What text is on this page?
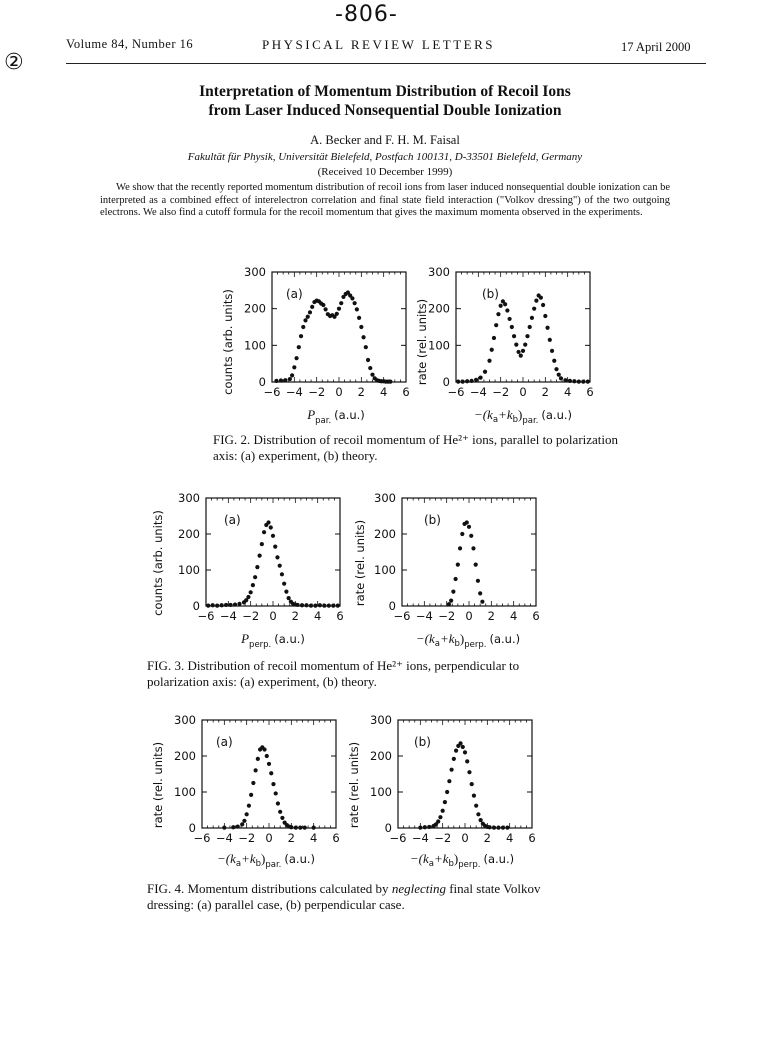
-806-
②
Volume 84, Number 16	PHYSICAL REVIEW LETTERS	17 April 2000
Interpretation of Momentum Distribution of Recoil Ions
from Laser Induced Nonsequential Double Ionization
A. Becker and F. H. M. Faisal
Fakultät für Physik, Universität Bielefeld, Postfach 100131, D-33501 Bielefeld, Germany
(Received 10 December 1999)
We show that the recently reported momentum distribution of recoil ions from laser induced nonsequential double ionization can be interpreted as a combined effect of interelectron correlation and final state field interaction ("Volkov dressing") of the two outgoing electrons. We also find a cutoff formula for the recoil momentum that gives the maximum momenta observed in the experiments.
counts (arb. units) 0
100
200
300
−6 −4 −2 0 2 4 6
(a)
$P_{par.}$ (a.u.)
rate (rel. units) 0
100
200
300
−6 −4 −2 0 2 4 6
(b)
$-(k_a+k_b)_{par.}$ (a.u.)
FIG. 2. Distribution of recoil momentum of He²⁺ ions, parallel to polarization axis: (a) experiment, (b) theory.
counts (arb. units) 0
100
200
300
−6 −4 −2 0 2 4 6
(a)
$P_{perp.}$ (a.u.)
rate (rel. units) 0
100
200
300
−6 −4 −2 0 2 4 6
(b)
$-(k_a+k_b)_{perp.}$ (a.u.)
FIG. 3. Distribution of recoil momentum of He²⁺ ions, perpendicular to polarization axis: (a) experiment, (b) theory.
rate (rel. units) 0
100
200
300
−6 −4 −2 0 2 4 6
(a)
$-(k_a+k_b)_{par.}$ (a.u.)
rate (rel. units) 0
100
200
300
−6 −4 −2 0 2 4 6
(b)
$-(k_a+k_b)_{perp.}$ (a.u.)
FIG. 4. Momentum distributions calculated by neglecting final state Volkov dressing: (a) parallel case, (b) perpendicular case.
